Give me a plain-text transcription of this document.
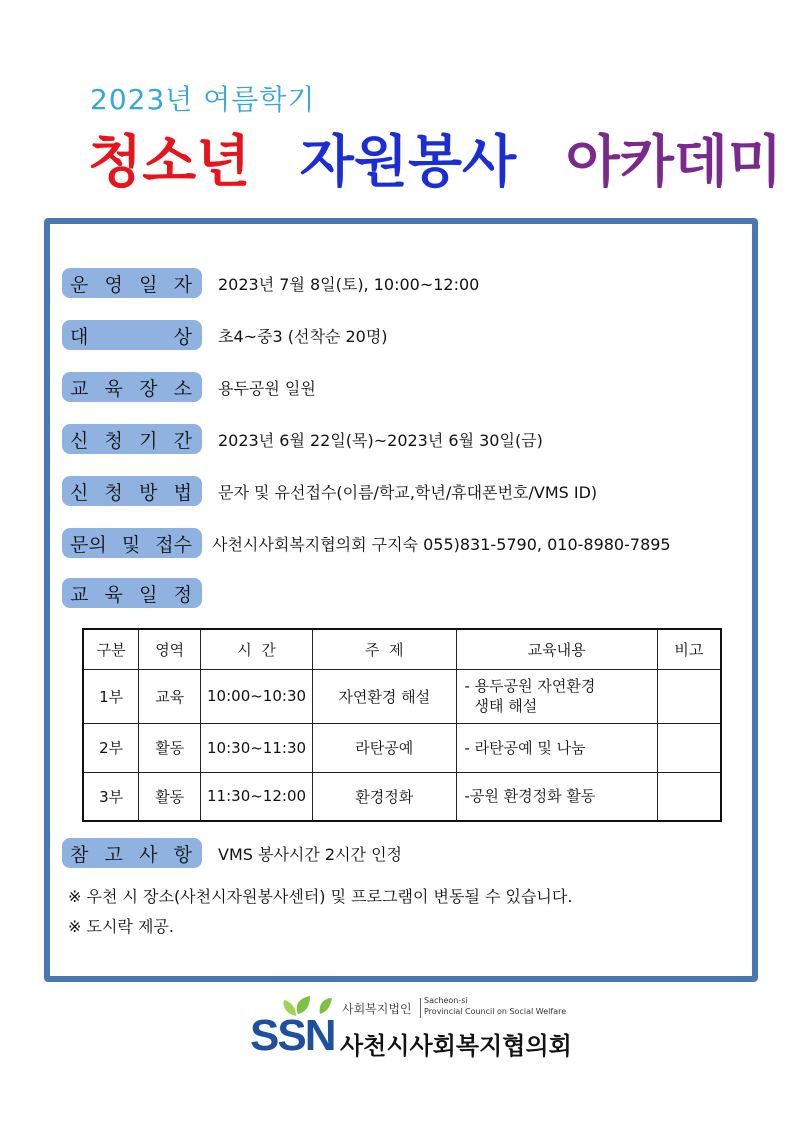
2023년 여름학기
청소년 자원봉사 아카데미
운 영 일 자 2023년 7월 8일(토), 10:00~12:00
대	상 초4~중3 (선착순 20명)
교 육 장 소 용두공원 일원
신 청 기 간 2023년 6월 22일(목)~2023년 6월 30일(금)
신 청 방 법 문자 및 유선접수(이름/학교,학년/휴대폰번호/VMS ID)
문의 및 접수 사천시사회복지협의회 구지숙 055)831-5790, 010-8980-7895
교 육 일 정
구분	영역	시  간	주  제	교육내용	비고
1부	교육	10:00~10:30	자연환경 해설	- 용두공원 자연환경
생태 해설	

2부	활동	10:30~11:30	라탄공예	- 라탄공예 및 나눔	
3부	활동	11:30~12:00	환경정화	-공원 환경정화 활동	
참 고 사 항 VMS 봉사시간 2시간 인정
※ 우천 시 장소(사천시자원봉사센터) 및 프로그램이 변동될 수 있습니다.
※ 도시락 제공.
SSN
사회복지법인
Sacheon-si
Provincial Council on Social Welfare
사천시사회복지협의회
